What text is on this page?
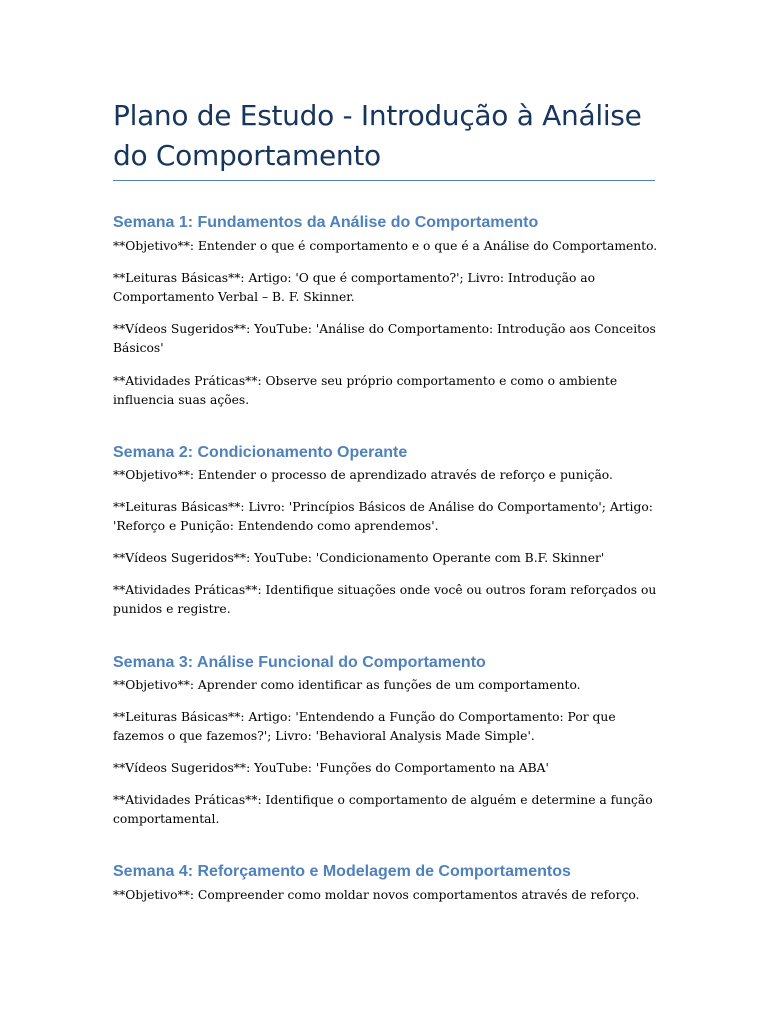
Plano de Estudo - Introdução à Análise do Comportamento
Semana 1: Fundamentos da Análise do Comportamento

**Objetivo**: Entender o que é comportamento e o que é a Análise do Comportamento.

**Leituras Básicas**: Artigo: 'O que é comportamento?'; Livro: Introdução ao Comportamento Verbal – B. F. Skinner.

**Vídeos Sugeridos**: YouTube: 'Análise do Comportamento: Introdução aos Conceitos Básicos'

**Atividades Práticas**: Observe seu próprio comportamento e como o ambiente influencia suas ações.

Semana 2: Condicionamento Operante

**Objetivo**: Entender o processo de aprendizado através de reforço e punição.

**Leituras Básicas**: Livro: 'Princípios Básicos de Análise do Comportamento'; Artigo: 'Reforço e Punição: Entendendo como aprendemos'.

**Vídeos Sugeridos**: YouTube: 'Condicionamento Operante com B.F. Skinner'

**Atividades Práticas**: Identifique situações onde você ou outros foram reforçados ou punidos e registre.

Semana 3: Análise Funcional do Comportamento

**Objetivo**: Aprender como identificar as funções de um comportamento.

**Leituras Básicas**: Artigo: 'Entendendo a Função do Comportamento: Por que fazemos o que fazemos?'; Livro: 'Behavioral Analysis Made Simple'.

**Vídeos Sugeridos**: YouTube: 'Funções do Comportamento na ABA'

**Atividades Práticas**: Identifique o comportamento de alguém e determine a função comportamental.

Semana 4: Reforçamento e Modelagem de Comportamentos

**Objetivo**: Compreender como moldar novos comportamentos através de reforço.
